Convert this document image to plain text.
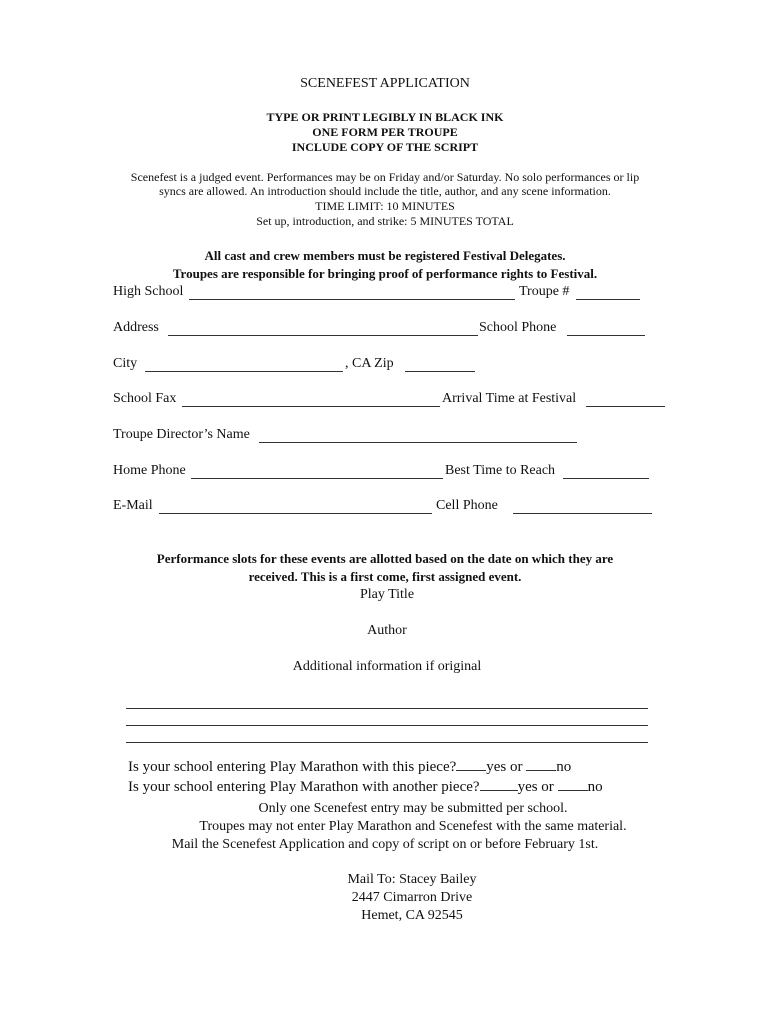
SCENEFEST APPLICATION
TYPE OR PRINT LEGIBLY IN BLACK INK
ONE FORM PER TROUPE
INCLUDE COPY OF THE SCRIPT
Scenefest is a judged event. Performances may be on Friday and/or Saturday. No solo performances or lip
syncs are allowed. An introduction should include the title, author, and any scene information.
TIME LIMIT: 10 MINUTES
Set up, introduction, and strike: 5 MINUTES TOTAL
All cast and crew members must be registered Festival Delegates.
Troupes are responsible for bringing proof of performance rights to Festival.
High School	Troupe #
Address	School Phone
City	, CA Zip
School Fax	Arrival Time at Festival
Troupe Director’s Name
Home Phone	Best Time to Reach
E-Mail	Cell Phone
Performance slots for these events are allotted based on the date on which they are
received. This is a first come, first assigned event.
Play Title
Author
Additional information if original
Is your school entering Play Marathon with this piece? yes or no
Is your school entering Play Marathon with another piece?	yes or no
Only one Scenefest entry may be submitted per school.
Troupes may not enter Play Marathon and Scenefest with the same material.
Mail the Scenefest Application and copy of script on or before February 1st.
Mail To: Stacey Bailey
2447 Cimarron Drive
Hemet, CA 92545
